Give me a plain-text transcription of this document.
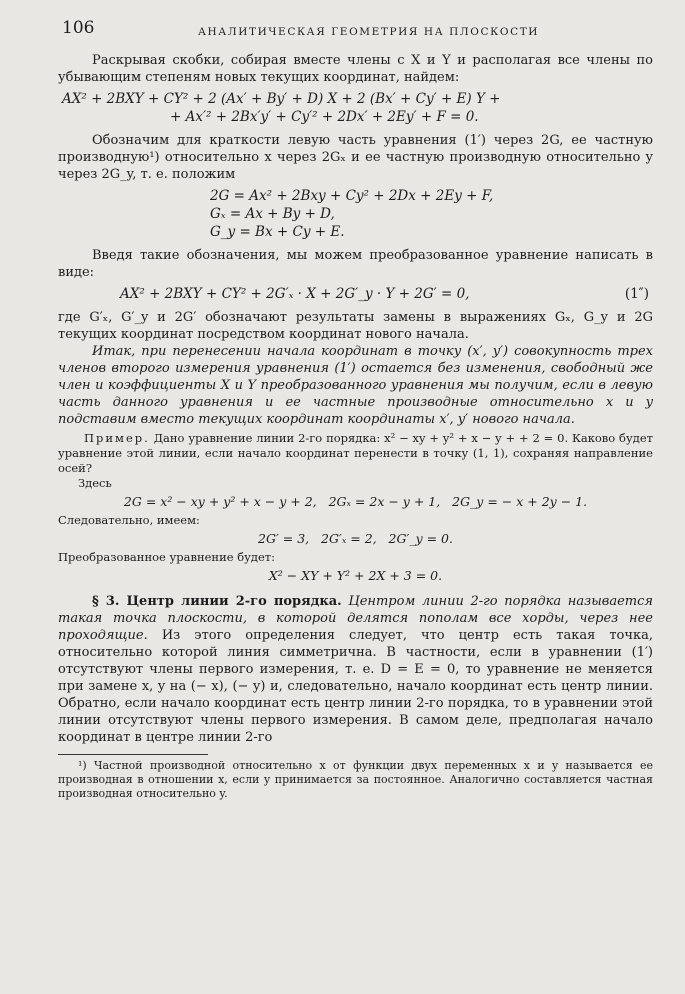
106	АНАЛИТИЧЕСКАЯ ГЕОМЕТРИЯ НА ПЛОСКОСТИ

Раскрывая скобки, собирая вместе члены с X и Y и располагая все члены по убывающим степеням новых текущих координат, найдем:

AX² + 2BXY + CY² + 2 (Ax′ + By′ + D) X + 2 (Bx′ + Cy′ + E) Y +
+ Ax′² + 2Bx′y′ + Cy′² + 2Dx′ + 2Ey′ + F = 0.

Обозначим для краткости левую часть уравнения (1′) через 2G, ее частную производную¹) относительно x через 2Gₓ и ее частную производную относительно y через 2G_y, т. е. положим

2G = Ax² + 2Bxy + Cy² + 2Dx + 2Ey + F,
Gₓ = Ax + By + D,
G_y = Bx + Cy + E.

Введя такие обозначения, мы можем преобразованное уравнение написать в виде:

AX² + 2BXY + CY² + 2G′ₓ · X + 2G′_y · Y + 2G′ = 0,	(1″)

где G′ₓ, G′_y и 2G′ обозначают результаты замены в выражениях Gₓ, G_y и 2G текущих координат посредством координат нового начала.

Итак, при перенесении начала координат в точку (x′, y′) совокупность трех членов второго измерения уравнения (1′) остается без изменения, свободный же член и коэффициенты X и Y преобразованного уравнения мы получим, если в левую часть данного уравнения и ее частные производные относительно x и y подставим вместо текущих координат координаты x′, y′ нового начала.

Пример. Дано уравнение линии 2-го порядка: x² − xy + y² + x − y + + 2 = 0. Каково будет уравнение этой линии, если начало координат перенести в точку (1, 1), сохраняя направление осей?

Здесь

2G = x² − xy + y² + x − y + 2,   2Gₓ = 2x − y + 1,   2G_y = − x + 2y − 1.

Следовательно, имеем:

2G′ = 3,   2G′ₓ = 2,   2G′_y = 0.

Преобразованное уравнение будет:

X² − XY + Y² + 2X + 3 = 0.

§ 3. Центр линии 2-го порядка. Центром линии 2-го порядка называется такая точка плоскости, в которой делятся пополам все хорды, через нее проходящие. Из этого определения следует, что центр есть такая точка, относительно которой линия симметрична. В частности, если в уравнении (1′) отсутствуют члены первого измерения, т. е. D = E = 0, то уравнение не меняется при замене x, y на (− x), (− y) и, следовательно, начало координат есть центр линии. Обратно, если начало координат есть центр линии 2-го порядка, то в уравнении этой линии отсутствуют члены первого измерения. В самом деле, предполагая начало координат в центре линии 2-го

¹) Частной производной относительно x от функции двух переменных x и y называется ее производная в отношении x, если y принимается за постоянное. Аналогично составляется частная производная относительно y.
